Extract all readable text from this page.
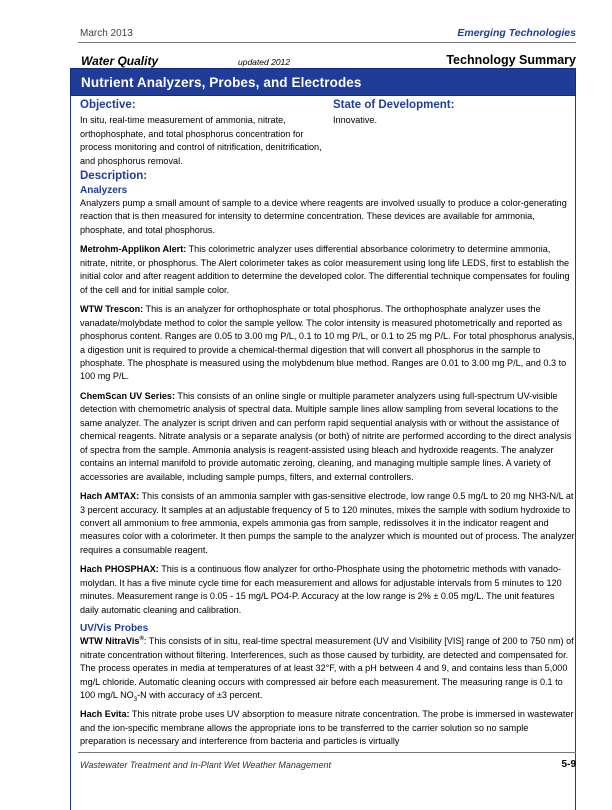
March 2013	Emerging Technologies
Water Quality	updated 2012	Technology Summary
Nutrient Analyzers, Probes, and Electrodes
Objective:
In situ, real-time measurement of ammonia, nitrate, orthophosphate, and total phosphorus concentration for process monitoring and control of nitrification, denitrification, and phosphorus removal.
State of Development:
Innovative.
Description:
Analyzers
Analyzers pump a small amount of sample to a device where reagents are involved usually to produce a color-generating reaction that is then measured for intensity to determine concentration. These devices are available for ammonia, phosphate, and total phosphorus.
Metrohm-Applikon Alert: This colorimetric analyzer uses differential absorbance colorimetry to determine ammonia, nitrate, nitrite, or phosphorus. The Alert colorimeter takes as color measurement using long life LEDS, first to establish the initial color and after reagent addition to determine the developed color. The differential technique compensates for fouling of the cell and for initial sample color.
WTW Trescon: This is an analyzer for orthophosphate or total phosphorus. The orthophosphate analyzer uses the vanadate/molybdate method to color the sample yellow. The color intensity is measured photometrically and reported as phosphorus content. Ranges are 0.05 to 3.00 mg P/L, 0.1 to 10 mg P/L, or 0.1 to 25 mg P/L. For total phosphorus analysis, a digestion unit is required to provide a chemical-thermal digestion that will convert all phosphorus in the sample to phosphate. The phosphate is measured using the molybdenum blue method. Ranges are 0.01 to 3.00 mg P/L, and 0.3 to 100 mg P/L.
ChemScan UV Series: This consists of an online single or multiple parameter analyzers using full-spectrum UV-visible detection with chemometric analysis of spectral data. Multiple sample lines allow sampling from several locations to the same analyzer. The analyzer is script driven and can perform rapid sequential analysis with or without the assistance of chemical reagents. Nitrate analysis or a separate analysis (or both) of nitrite are performed according to the direct analysis of spectra from the sample. Ammonia analysis is reagent-assisted using bleach and hydroxide reagents. The analyzer contains an internal manifold to provide automatic zeroing, cleaning, and managing multiple sample lines. A variety of accessories are available, including sample pumps, filters, and external controllers.
Hach AMTAX: This consists of an ammonia sampler with gas-sensitive electrode, low range 0.5 mg/L to 20 mg NH3-N/L at 3 percent accuracy. It samples at an adjustable frequency of 5 to 120 minutes, mixes the sample with sodium hydroxide to convert all ammonium to free ammonia, expels ammonia gas from sample, redissolves it in the indicator reagent and measures color with a colorimeter. It then pumps the sample to the analyzer which is mounted out of process. The analyzer requires a consumable reagent.
Hach PHOSPHAX: This is a continuous flow analyzer for ortho-Phosphate using the photometric methods with vanado-molydan. It has a five minute cycle time for each measurement and allows for adjustable intervals from 5 minutes to 120 minutes. Measurement range is 0.05 - 15 mg/L PO4-P. Accuracy at the low range is 2% ± 0.05 mg/L. The unit features daily automatic cleaning and calibration.
UV/Vis Probes
WTW NitraVis®: This consists of in situ, real-time spectral measurement (UV and Visibility [VIS] range of 200 to 750 nm) of nitrate concentration without filtering. Interferences, such as those caused by turbidity, are detected and compensated for. The process operates in media at temperatures of at least 32°F, with a pH between 4 and 9, and contains less than 5,000 mg/L chloride. Automatic cleaning occurs with compressed air before each measurement. The measuring range is 0.1 to 100 mg/L $NO_3-N$ with accuracy of ±3 percent.
Hach Evita: This nitrate probe uses UV absorption to measure nitrate concentration. The probe is immersed in wastewater and the ion-specific membrane allows the appropriate ions to be transferred to the carrier solution so no sample preparation is necessary and interference from bacteria and particles is virtually
Wastewater Treatment and In-Plant Wet Weather Management	5-9
